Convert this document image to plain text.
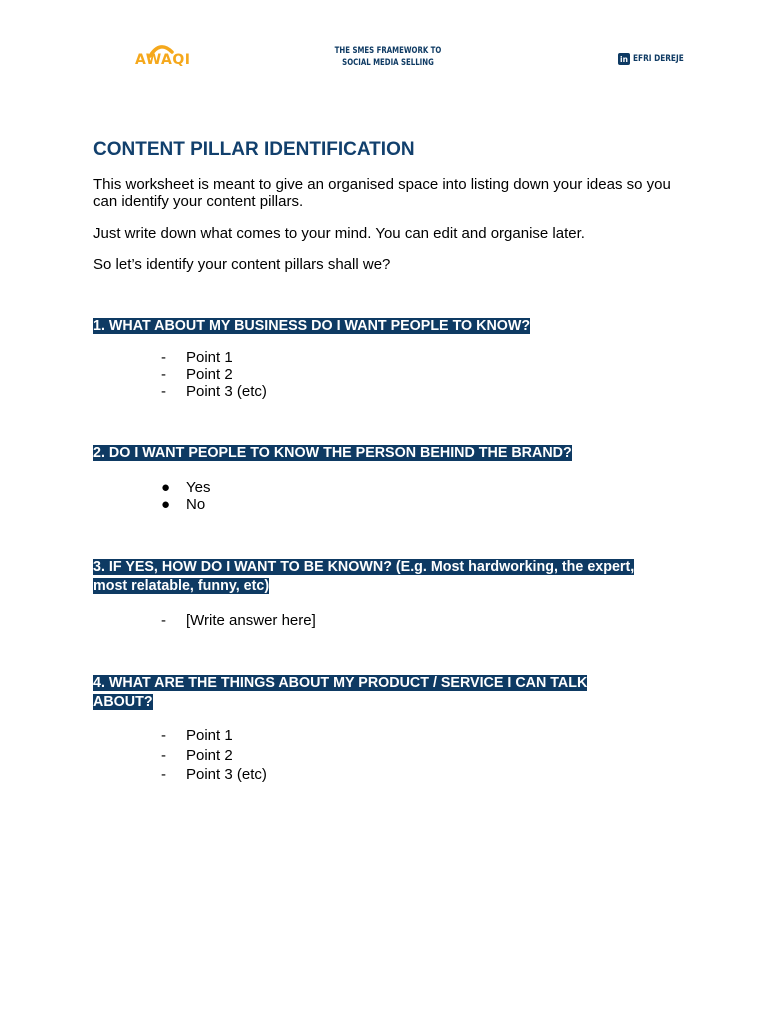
AWAQI
THE SMES FRAMEWORK TO
SOCIAL MEDIA SELLING	in EFRI DEREJE
CONTENT PILLAR IDENTIFICATION

This worksheet is meant to give an organised space into listing down your ideas so you can identify your content pillars.

Just write down what comes to your mind. You can edit and organise later.

So let’s identify your content pillars shall we?

1. WHAT ABOUT MY BUSINESS DO I WANT PEOPLE TO KNOW?

-	Point 1
-	Point 2
-	Point 3 (etc)

2. DO I WANT PEOPLE TO KNOW THE PERSON BEHIND THE BRAND?

●	Yes
●	No

3. IF YES, HOW DO I WANT TO BE KNOWN? (E.g. Most hardworking, the expert, most relatable, funny, etc)

-	[Write answer here]

4. WHAT ARE THE THINGS ABOUT MY PRODUCT / SERVICE I CAN TALK ABOUT?

-	Point 1
-	Point 2
-	Point 3 (etc)
